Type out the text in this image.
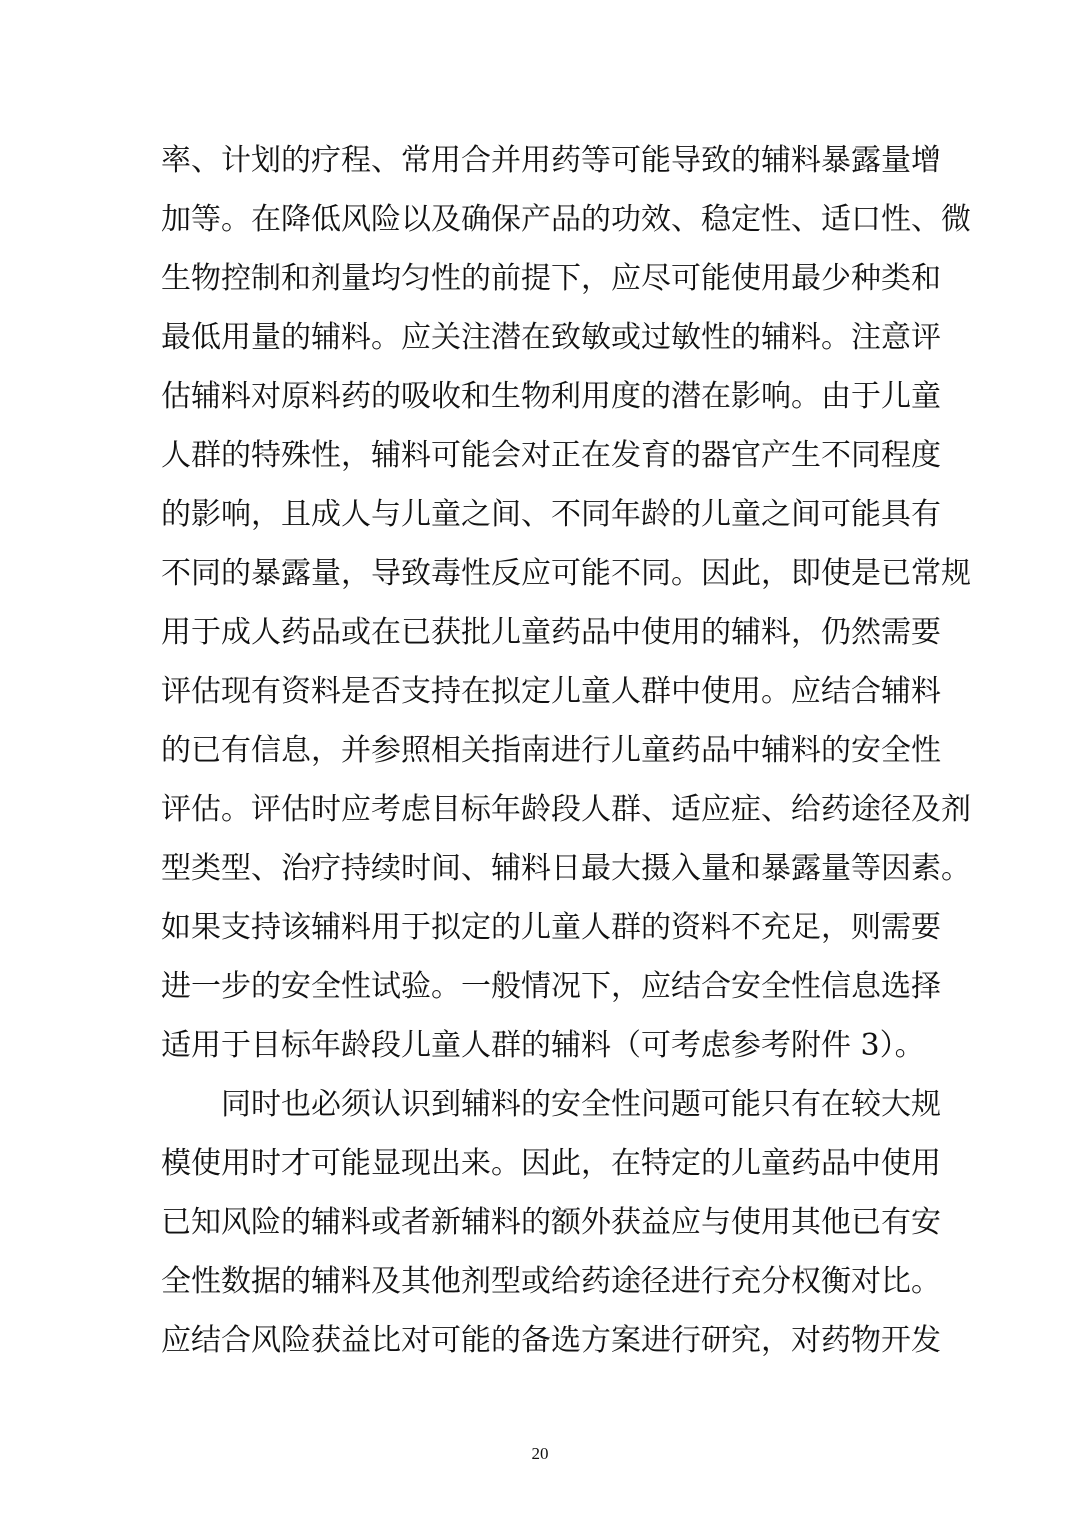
率、计划的疗程、常用合并用药等可能导致的辅料暴露量增
加等。在降低风险以及确保产品的功效、稳定性、适口性、微
生物控制和剂量均匀性的前提下，应尽可能使用最少种类和
最低用量的辅料。应关注潜在致敏或过敏性的辅料。注意评
估辅料对原料药的吸收和生物利用度的潜在影响。由于儿童
人群的特殊性，辅料可能会对正在发育的器官产生不同程度
的影响，且成人与儿童之间、不同年龄的儿童之间可能具有
不同的暴露量，导致毒性反应可能不同。因此，即使是已常规
用于成人药品或在已获批儿童药品中使用的辅料，仍然需要
评估现有资料是否支持在拟定儿童人群中使用。应结合辅料
的已有信息，并参照相关指南进行儿童药品中辅料的安全性
评估。评估时应考虑目标年龄段人群、适应症、给药途径及剂
型类型、治疗持续时间、辅料日最大摄入量和暴露量等因素。
如果支持该辅料用于拟定的儿童人群的资料不充足，则需要
进一步的安全性试验。一般情况下，应结合安全性信息选择
适用于目标年龄段儿童人群的辅料（可考虑参考附件 3）。
同时也必须认识到辅料的安全性问题可能只有在较大规
模使用时才可能显现出来。因此，在特定的儿童药品中使用
已知风险的辅料或者新辅料的额外获益应与使用其他已有安
全性数据的辅料及其他剂型或给药途径进行充分权衡对比。
应结合风险获益比对可能的备选方案进行研究，对药物开发
20
